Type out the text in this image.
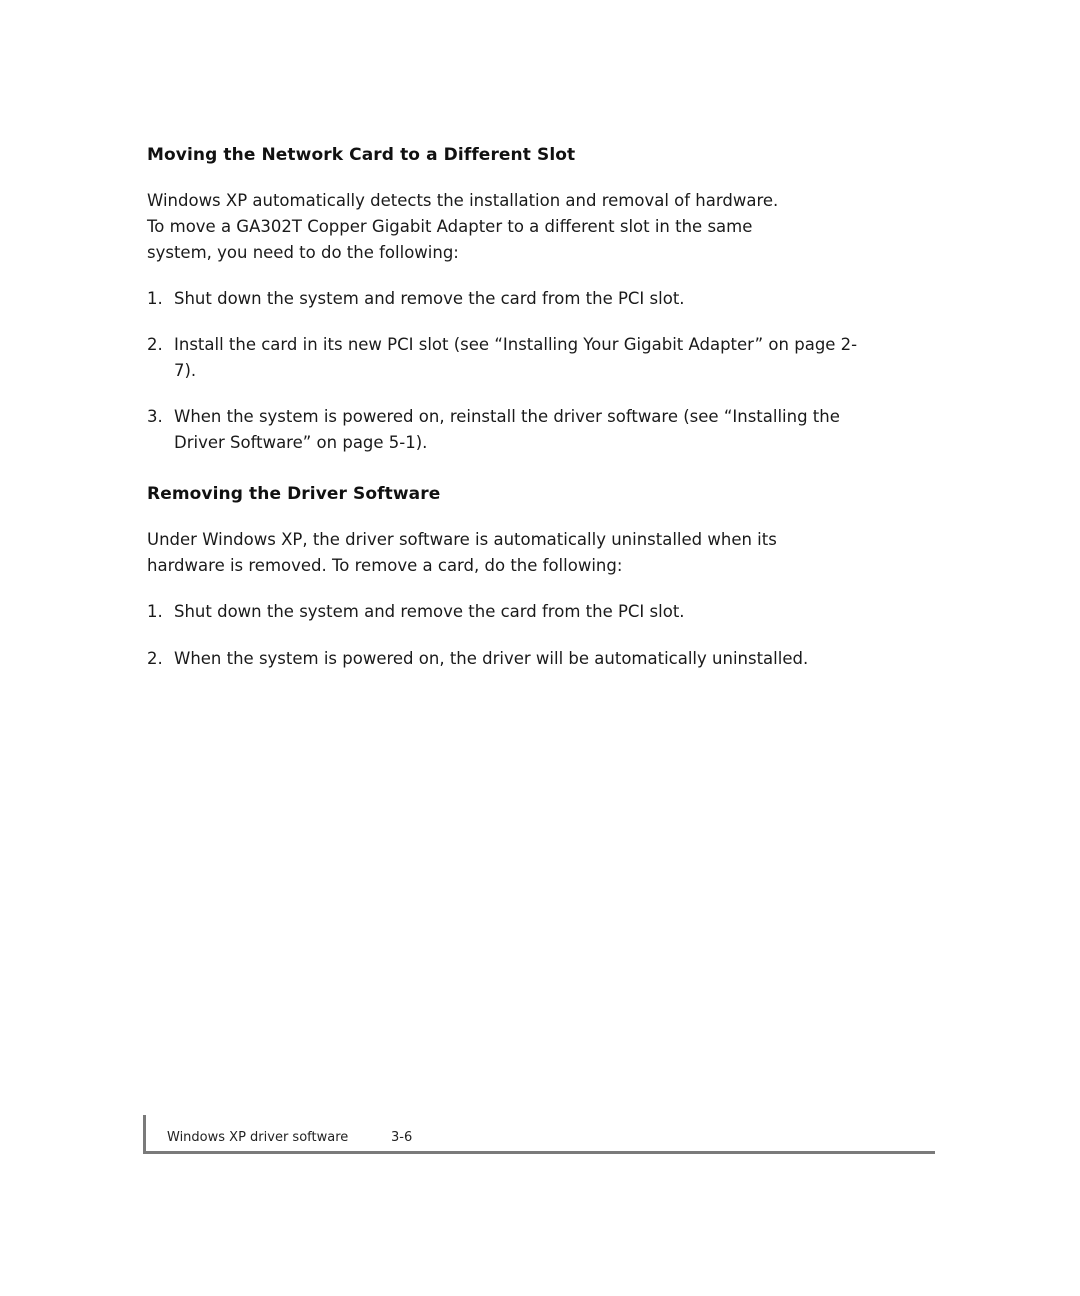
Moving the Network Card to a Different Slot

Windows XP automatically detects the installation and removal of hardware.
To move a GA302T Copper Gigabit Adapter to a different slot in the same
system, you need to do the following:

1. Shut down the system and remove the card from the PCI slot.
2. Install the card in its new PCI slot (see “Installing Your Gigabit Adapter” on page 2-7).
3. When the system is powered on, reinstall the driver software (see “Installing the Driver Software” on page 5-1).
Removing the Driver Software

Under Windows XP, the driver software is automatically uninstalled when its
hardware is removed. To remove a card, do the following:

1. Shut down the system and remove the card from the PCI slot.
2. When the system is powered on, the driver will be automatically uninstalled.
Windows XP driver software	3-6
